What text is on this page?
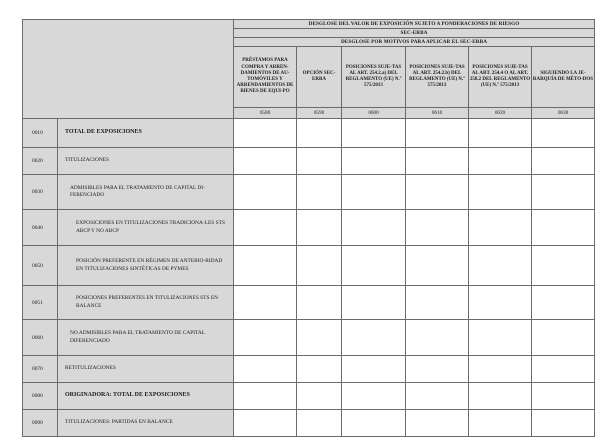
		DESGLOSE DEL VALOR DE EXPOSICIÓN SUJETO A PONDERACIONES DE RIESGO					
		SEC-ERBA					
		DESGLOSE POR MOTIVOS PARA APLICAR EL SEC-ERBA					
		PRÉSTAMOS PARA COMPRA Y ARREN-DAMIENTOS DE AU-TOMÓVILES Y ARRENDAMIENTOS DE BIENES DE EQUI-PO	OPCIÓN SEC-ERBA	POSICIONES SUJE-TAS AL ART. 254.2.a) DEL REGLAMENTO (UE) N.º 575/2013	POSICIONES SUJE-TAS AL ART. 254.2.b) DEL REGLAMENTO (UE) N.º 575/2013	POSICIONES SUJE-TAS AL ART. 254.4 O AL ART. 258.2 DEL REGLAMENTO (UE) N.º 575/2013	SIGUIENDO LA JE-RARQUÍA DE MÉTO-DOS
		0580	0590	0600	0610	0620	0630
0010	TOTAL DE EXPOSICIONES						
0020	TITULIZACIONES						
0030	ADMISIBLES PARA EL TRATAMIENTO DE CAPITAL DI-FERENCIADO						
0040	EXPOSICIONES EN TITULIZACIONES TRADICIONA-LES STS ABCP Y NO ABCP						
0050	POSICIÓN PREFERENTE EN RÉGIMEN DE ANTERIO-RIDAD EN TITULIZACIONES SINTÉTICAS DE PYMES						
0051	POSICIONES PREFERENTES EN TITULIZACIONES STS EN BALANCE						
0060	NO ADMISIBLES PARA EL TRATAMIENTO DE CAPITAL DIFERENCIADO						
0070	RETITULIZACIONES						
0080	ORIGINADORA: TOTAL DE EXPOSICIONES						
0090	TITULIZACIONES: PARTIDAS EN BALANCE						
